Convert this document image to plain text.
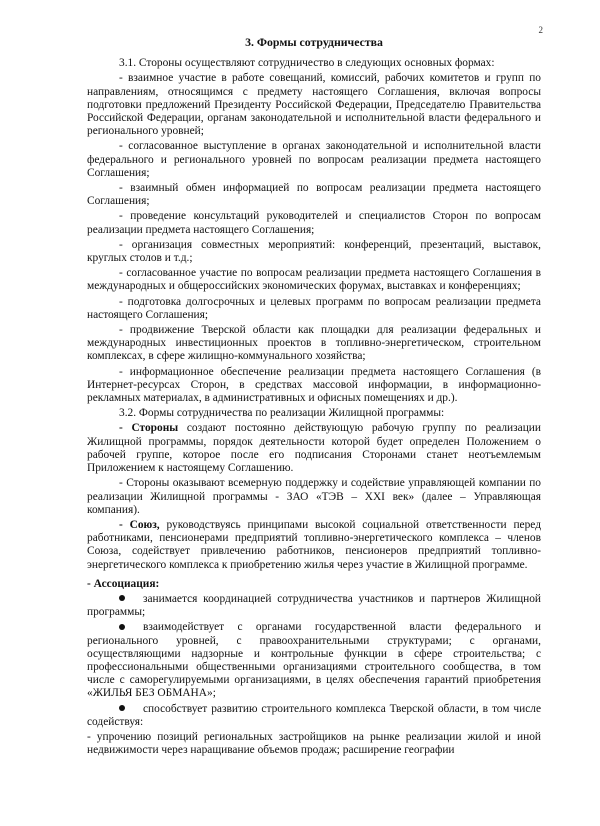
2
3. Формы сотрудничества
3.1. Стороны осуществляют сотрудничество в следующих основных формах:
- взаимное участие в работе совещаний, комиссий, рабочих комитетов и групп по направлениям, относящимся с предмету настоящего Соглашения, включая вопросы подготовки предложений Президенту Российской Федерации, Председателю Правительства Российской Федерации, органам законодательной и исполнительной власти федерального и регионального уровней;
- согласованное выступление в органах законодательной и исполнительной власти федерального и регионального уровней по вопросам реализации предмета настоящего Соглашения;
- взаимный обмен информацией по вопросам реализации предмета настоящего Соглашения;
- проведение консультаций руководителей и специалистов Сторон по вопросам реализации предмета настоящего Соглашения;
- организация совместных мероприятий: конференций, презентаций, выставок, круглых столов и т.д.;
- согласованное участие по вопросам реализации предмета настоящего Соглашения в международных и общероссийских экономических форумах, выставках и конференциях;
- подготовка долгосрочных и целевых программ по вопросам реализации предмета настоящего Соглашения;
- продвижение Тверской области как площадки для реализации федеральных и международных инвестиционных проектов в топливно-энергетическом, строительном комплексах, в сфере жилищно-коммунального хозяйства;
- информационное обеспечение реализации предмета настоящего Соглашения (в Интернет-ресурсах Сторон, в средствах массовой информации, в информационно-рекламных материалах, в административных и офисных помещениях и др.).
3.2. Формы сотрудничества по реализации Жилищной программы:
- Стороны создают постоянно действующую рабочую группу по реализации Жилищной программы, порядок деятельности которой будет определен Положением о рабочей группе, которое после его подписания Сторонами станет неотъемлемым Приложением к настоящему Соглашению.
- Стороны оказывают всемерную поддержку и содействие управляющей компании по реализации Жилищной программы - ЗАО «ТЭВ – XXI век» (далее – Управляющая компания).
- Союз, руководствуясь принципами высокой социальной ответственности перед работниками, пенсионерами предприятий топливно-энергетического комплекса – членов Союза, содействует привлечению работников, пенсионеров предприятий топливно-энергетического комплекса к приобретению жилья через участие в Жилищной программе.
- Ассоциация:
занимается координацией сотрудничества участников и партнеров Жилищной программы;
взаимодействует с органами государственной власти федерального и регионального уровней, с правоохранительными структурами; с органами, осуществляющими надзорные и контрольные функции в сфере строительства; с профессиональными общественными организациями строительного сообщества, в том числе с саморегулируемыми организациями, в целях обеспечения гарантий приобретения «ЖИЛЬЯ БЕЗ ОБМАНА»;
способствует развитию строительного комплекса Тверской области, в том числе содействуя:
- упрочению позиций региональных застройщиков на рынке реализации жилой и иной недвижимости через наращивание объемов продаж; расширение географии
